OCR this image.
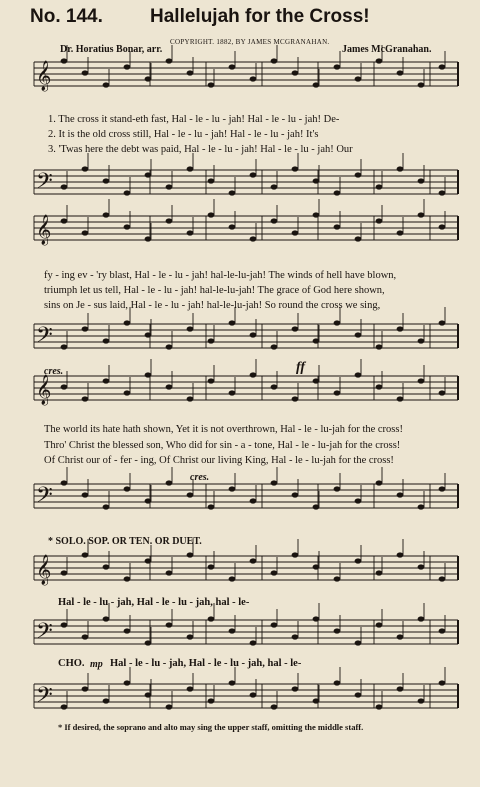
No. 144. Hallelujah for the Cross!
COPYRIGHT. 1882, BY JAMES MCGRANAHAN.
Dr. Horatius Bonar, arr.	James McGranahan.
𝄞
𝄢
𝄞
𝄢
𝄞
𝄢
𝄞
𝄢
𝄢
1. The cross it stand-eth fast, Hal - le - lu - jah! Hal - le - lu - jah! De-
2. It is the old cross still, Hal - le - lu - jah! Hal - le - lu - jah! It's
3. 'Twas here the debt was paid, Hal - le - lu - jah! Hal - le - lu - jah! Our
fy - ing ev - 'ry blast, Hal - le - lu - jah! hal-le-lu-jah! The winds of hell have blown,
triumph let us tell, Hal - le - lu - jah! hal-le-lu-jah! The grace of God here shown,
sins on Je - sus laid, Hal - le - lu - jah! hal-le-lu-jah! So round the cross we sing,
cres.	ff
The world its hate hath shown, Yet it is not overthrown, Hal - le - lu-jah for the cross!
Thro' Christ the blessed son, Who did for sin - a - tone, Hal - le - lu-jah for the cross!
Of Christ our of - fer - ing, Of Christ our living King, Hal - le - lu-jah for the cross!
cres.
* SOLO. SOP. OR TEN. OR DUET.
Hal - le - lu - jah, Hal - le - lu - jah, hal - le-
CHO. mp Hal - le - lu - jah, Hal - le - lu - jah, hal - le-
* If desired, the soprano and alto may sing the upper staff, omitting the middle staff.
